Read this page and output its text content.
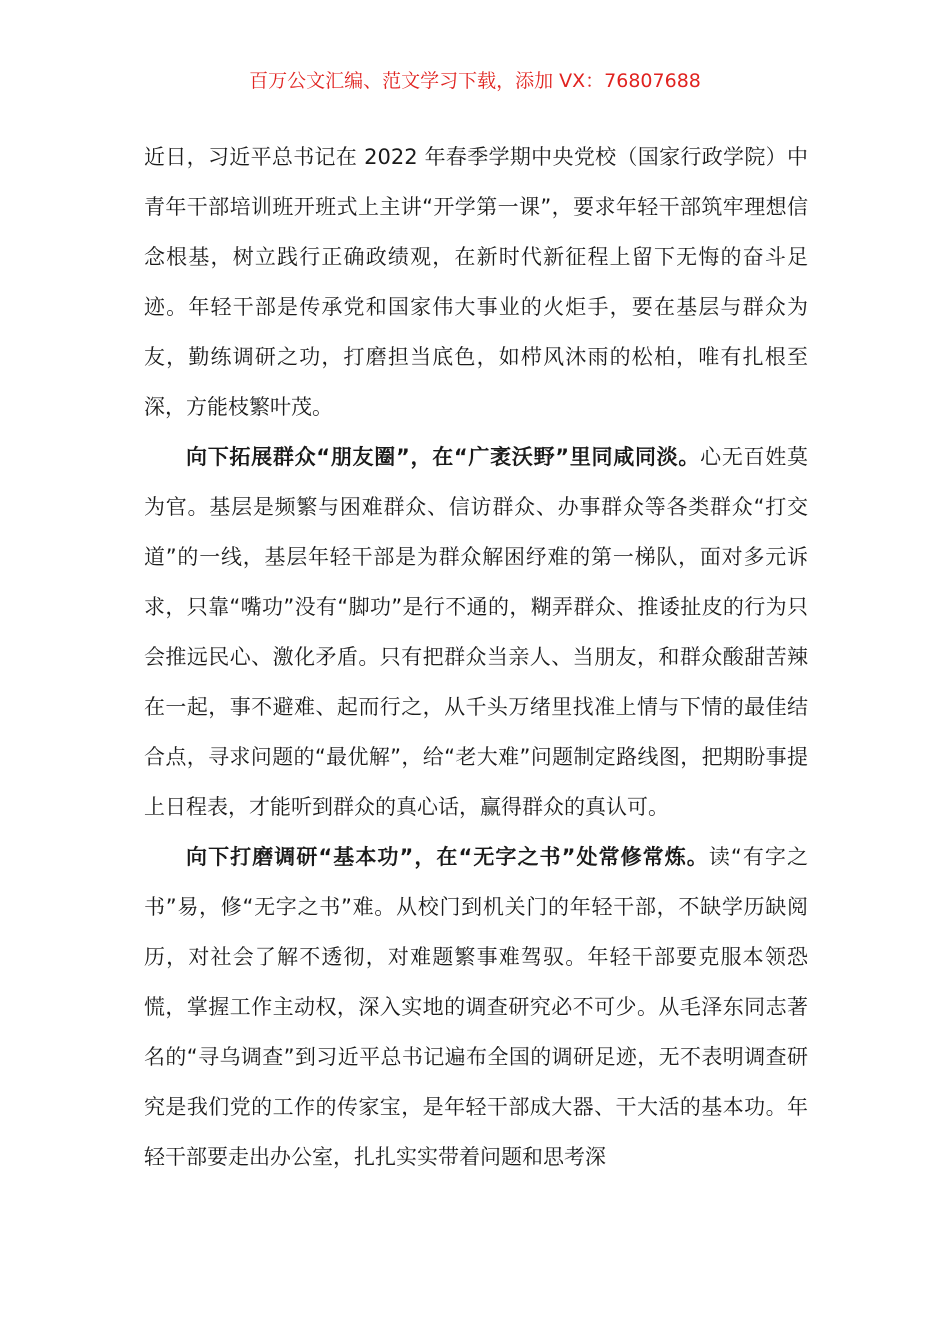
百万公文汇编、范文学习下载，添加 VX：76807688

近日，习近平总书记在 2022 年春季学期中央党校（国家行政学院）中青年干部培训班开班式上主讲“开学第一课”，要求年轻干部筑牢理想信念根基，树立践行正确政绩观，在新时代新征程上留下无悔的奋斗足迹。年轻干部是传承党和国家伟大事业的火炬手，要在基层与群众为友，勤练调研之功，打磨担当底色，如栉风沐雨的松柏，唯有扎根至深，方能枝繁叶茂。

向下拓展群众“朋友圈”，在“广袤沃野”里同咸同淡。心无百姓莫为官。基层是频繁与困难群众、信访群众、办事群众等各类群众“打交道”的一线，基层年轻干部是为群众解困纾难的第一梯队，面对多元诉求，只靠“嘴功”没有“脚功”是行不通的，糊弄群众、推诿扯皮的行为只会推远民心、激化矛盾。只有把群众当亲人、当朋友，和群众酸甜苦辣在一起，事不避难、起而行之，从千头万绪里找准上情与下情的最佳结合点，寻求问题的“最优解”，给“老大难”问题制定路线图，把期盼事提上日程表，才能听到群众的真心话，赢得群众的真认可。

向下打磨调研“基本功”，在“无字之书”处常修常炼。读“有字之书”易，修“无字之书”难。从校门到机关门的年轻干部，不缺学历缺阅历，对社会了解不透彻，对难题繁事难驾驭。年轻干部要克服本领恐慌，掌握工作主动权，深入实地的调查研究必不可少。从毛泽东同志著名的“寻乌调查”到习近平总书记遍布全国的调研足迹，无不表明调查研究是我们党的工作的传家宝，是年轻干部成大器、干大活的基本功。年轻干部要走出办公室，扎扎实实带着问题和思考深
